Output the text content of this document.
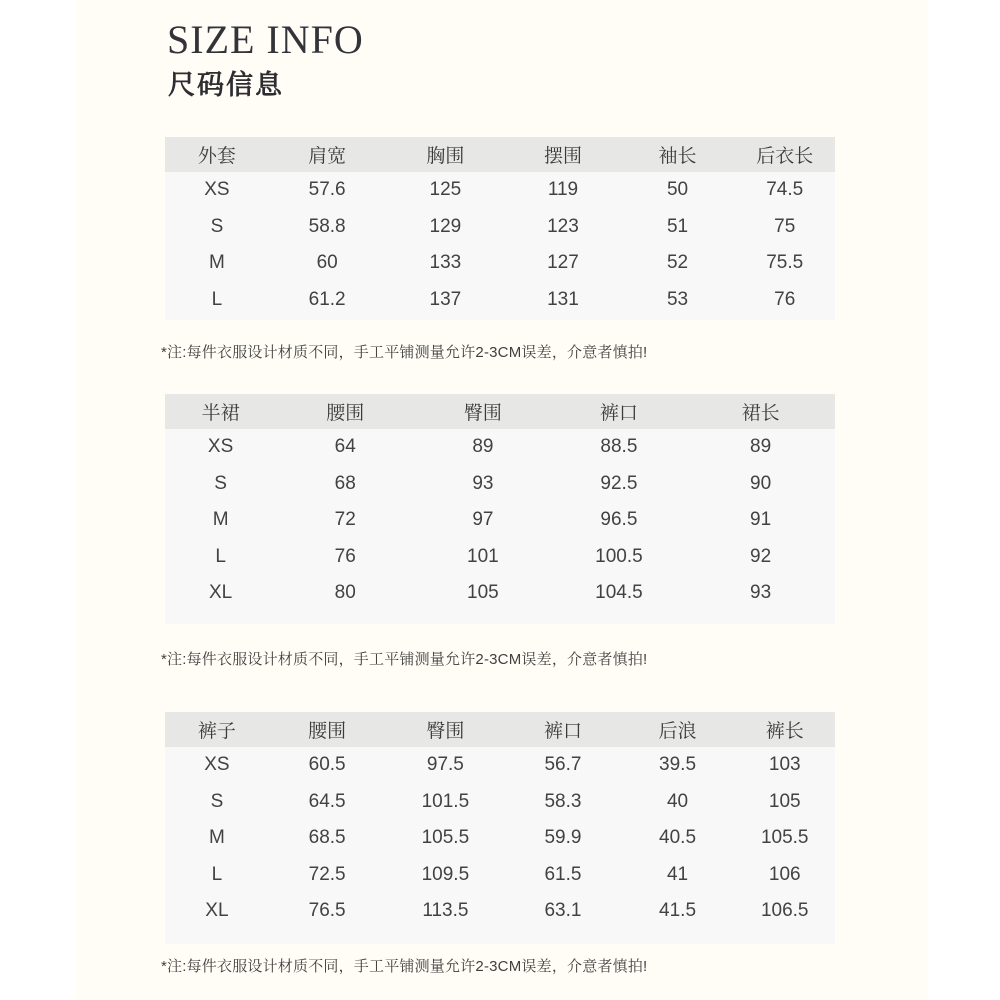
SIZE INFO
尺码信息
外套	肩宽	胸围	摆围	袖长	后衣长
XS	57.6	125	119	50	74.5
S	58.8	129	123	51	75
M	60	133	127	52	75.5
L	61.2	137	131	53	76
*注:每件衣服设计材质不同，手工平铺测量允许2-3CM误差，介意者慎拍!
半裙	腰围	臀围	裤口	裙长
XS	64	89	88.5	89
S	68	93	92.5	90
M	72	97	96.5	91
L	76	101	100.5	92
XL	80	105	104.5	93
*注:每件衣服设计材质不同，手工平铺测量允许2-3CM误差，介意者慎拍!
裤子	腰围	臀围	裤口	后浪	裤长
XS	60.5	97.5	56.7	39.5	103
S	64.5	101.5	58.3	40	105
M	68.5	105.5	59.9	40.5	105.5
L	72.5	109.5	61.5	41	106
XL	76.5	113.5	63.1	41.5	106.5
*注:每件衣服设计材质不同，手工平铺测量允许2-3CM误差，介意者慎拍!
